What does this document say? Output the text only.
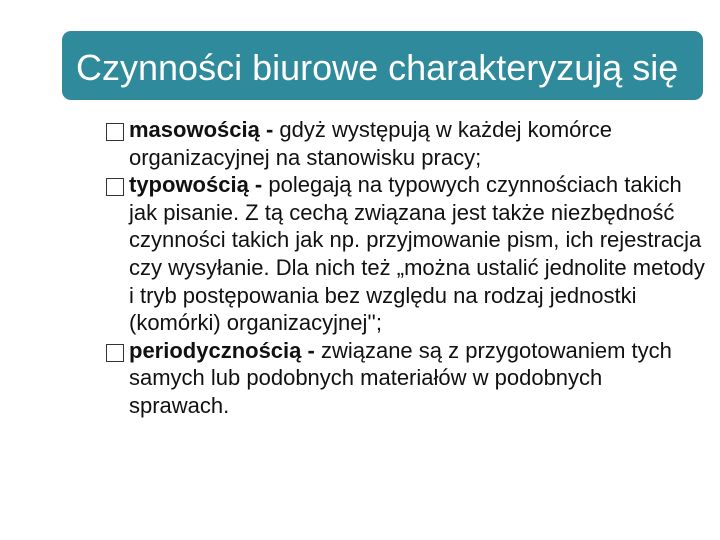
Czynności biurowe charakteryzują się :	masowością - gdyż występują w każdej komórce organizacyjnej na stanowisku pracy;

typowością - polegają na typowych czynnościach takich jak pisanie. Z tą cechą związana jest także niezbędność czynności takich jak np. przyjmowanie pism, ich rejestracja czy wysyłanie. Dla nich też „można ustalić jednolite metody i tryb postępowania bez względu na rodzaj jednostki (komórki) organizacyjnej'';

periodycznością - związane są z przygotowaniem tych samych lub podobnych materiałów w podobnych sprawach.
